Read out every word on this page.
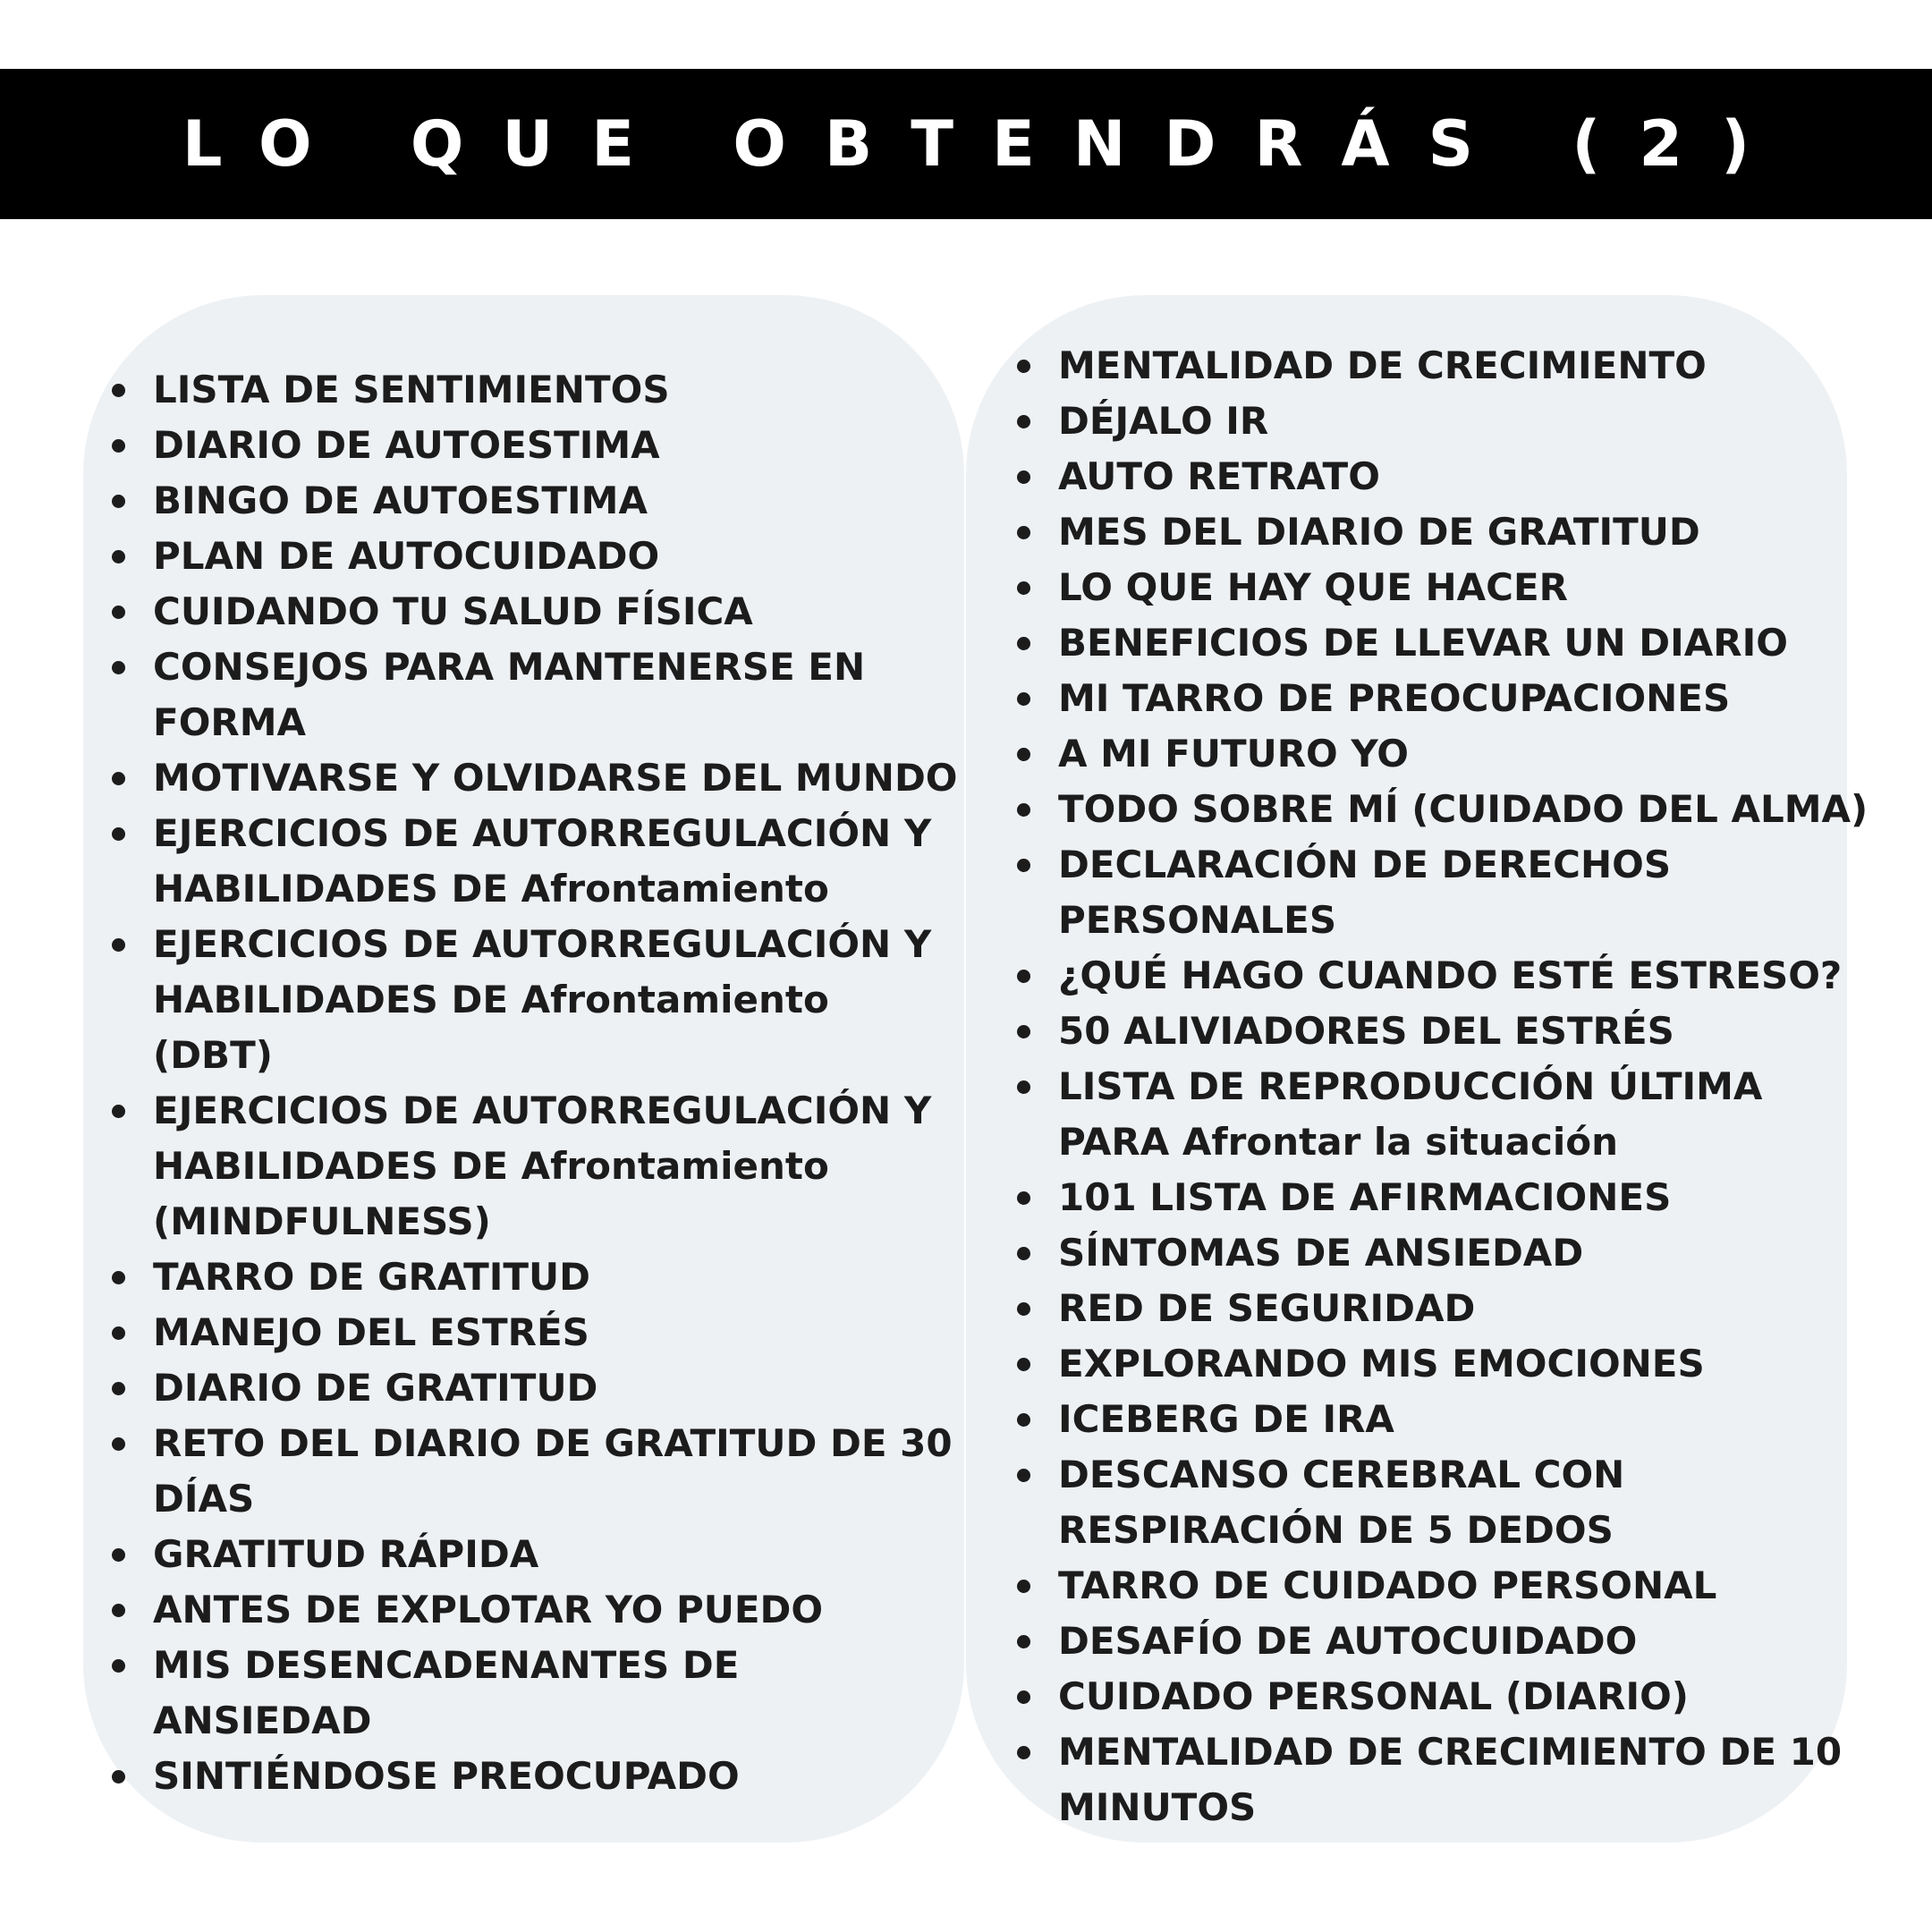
LO QUE OBTENDRÁS (2)
LISTA DE SENTIMIENTOS
DIARIO DE AUTOESTIMA
BINGO DE AUTOESTIMA
PLAN DE AUTOCUIDADO
CUIDANDO TU SALUD FÍSICA
CONSEJOS PARA MANTENERSE EN
FORMA
MOTIVARSE Y OLVIDARSE DEL MUNDO
EJERCICIOS DE AUTORREGULACIÓN Y
HABILIDADES DE Afrontamiento
EJERCICIOS DE AUTORREGULACIÓN Y
HABILIDADES DE Afrontamiento
(DBT)
EJERCICIOS DE AUTORREGULACIÓN Y
HABILIDADES DE Afrontamiento
(MINDFULNESS)
TARRO DE GRATITUD
MANEJO DEL ESTRÉS
DIARIO DE GRATITUD
RETO DEL DIARIO DE GRATITUD DE 30
DÍAS
GRATITUD RÁPIDA
ANTES DE EXPLOTAR YO PUEDO
MIS DESENCADENANTES DE
ANSIEDAD
SINTIÉNDOSE PREOCUPADO
MENTALIDAD DE CRECIMIENTO
DÉJALO IR
AUTO RETRATO
MES DEL DIARIO DE GRATITUD
LO QUE HAY QUE HACER
BENEFICIOS DE LLEVAR UN DIARIO
MI TARRO DE PREOCUPACIONES
A MI FUTURO YO
TODO SOBRE MÍ (CUIDADO DEL ALMA)
DECLARACIÓN DE DERECHOS
PERSONALES
¿QUÉ HAGO CUANDO ESTÉ ESTRESO?
50 ALIVIADORES DEL ESTRÉS
LISTA DE REPRODUCCIÓN ÚLTIMA
PARA Afrontar la situación
101 LISTA DE AFIRMACIONES
SÍNTOMAS DE ANSIEDAD
RED DE SEGURIDAD
EXPLORANDO MIS EMOCIONES
ICEBERG DE IRA
DESCANSO CEREBRAL CON
RESPIRACIÓN DE 5 DEDOS
TARRO DE CUIDADO PERSONAL
DESAFÍO DE AUTOCUIDADO
CUIDADO PERSONAL (DIARIO)
MENTALIDAD DE CRECIMIENTO DE 10
MINUTOS
